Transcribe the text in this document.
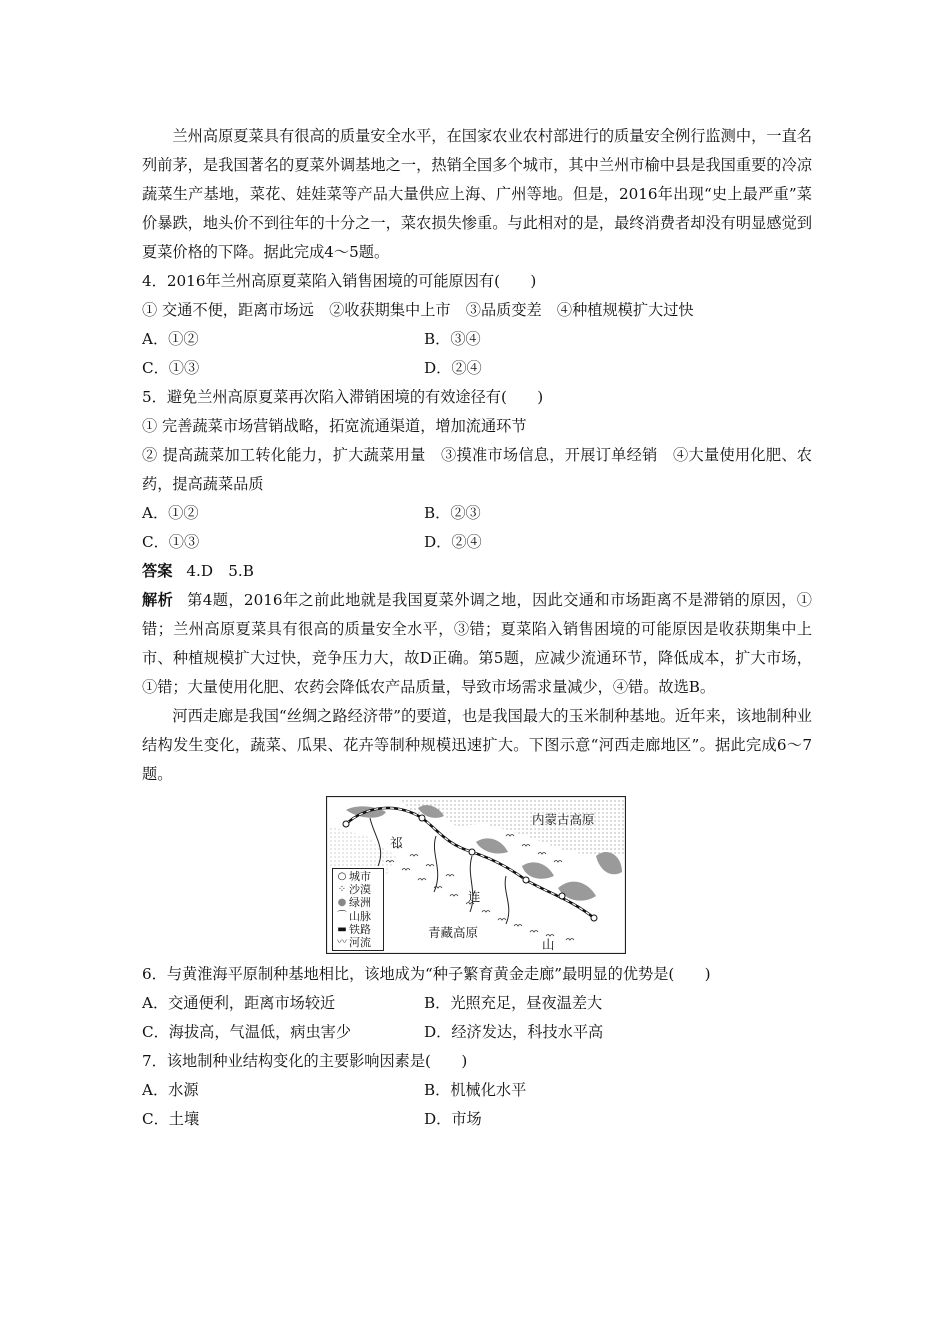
兰州高原夏菜具有很高的质量安全水平，在国家农业农村部进行的质量安全例行监测中，一直名列前茅，是我国著名的夏菜外调基地之一，热销全国多个城市，其中兰州市榆中县是我国重要的冷凉蔬菜生产基地，菜花、娃娃菜等产品大量供应上海、广州等地。但是，2016年出现“史上最严重”菜价暴跌，地头价不到往年的十分之一，菜农损失惨重。与此相对的是，最终消费者却没有明显感觉到夏菜价格的下降。据此完成4～5题。

4．2016年兰州高原夏菜陷入销售困境的可能原因有(　　)

① 交通不便，距离市场远　②收获期集中上市　③品质变差　④种植规模扩大过快

A．①②	B．③④
C．①③	D．②④

5．避免兰州高原夏菜再次陷入滞销困境的有效途径有(　　)

① 完善蔬菜市场营销战略，拓宽流通渠道，增加流通环节

② 提高蔬菜加工转化能力，扩大蔬菜用量　③摸准市场信息，开展订单经销　④大量使用化肥、农药，提高蔬菜品质

A．①②	B．②③
C．①③	D．②④

答案 4.D　5.B

解析 第4题，2016年之前此地就是我国夏菜外调之地，因此交通和市场距离不是滞销的原因，①错；兰州高原夏菜具有很高的质量安全水平，③错；夏菜陷入销售困境的可能原因是收获期集中上市、种植规模扩大过快，竞争压力大，故D正确。第5题，应减少流通环节，降低成本，扩大市场，①错；大量使用化肥、农药会降低农产品质量，导致市场需求量减少，④错。故选B。

河西走廊是我国“丝绸之路经济带”的要道，也是我国最大的玉米制种基地。近年来，该地制种业结构发生变化，蔬菜、瓜果、花卉等制种规模迅速扩大。下图示意“河西走廊地区”。据此完成6～7题。

内蒙古高原
祁
连
山
青藏高原
○ 城市
⁘ 沙漠
● 绿洲
⌒ 山脉
▬ 铁路
〰 河流

6．与黄淮海平原制种基地相比，该地成为“种子繁育黄金走廊”最明显的优势是(　　)

A．交通便利，距离市场较近	B．光照充足，昼夜温差大
C．海拔高，气温低，病虫害少	D．经济发达，科技水平高

7．该地制种业结构变化的主要影响因素是(　　)

A．水源	B．机械化水平
C．土壤	D．市场
